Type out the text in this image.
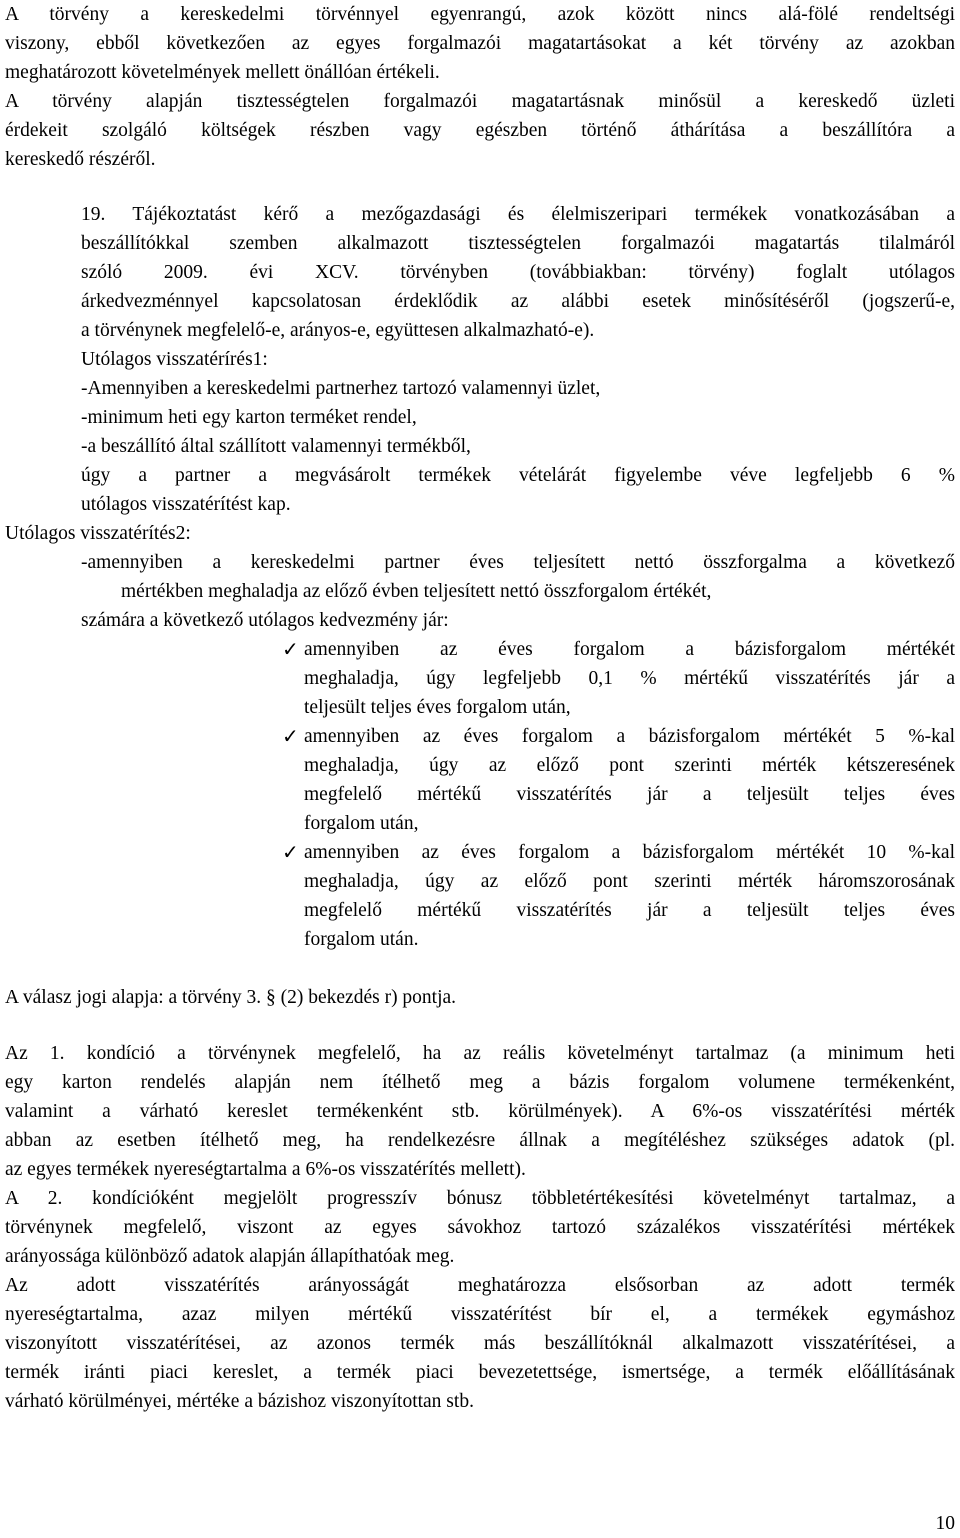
A törvény a kereskedelmi törvénnyel egyenrangú, azok között nincs alá-fölé rendeltségi
viszony, ebből következően az egyes forgalmazói magatartásokat a két törvény az azokban
meghatározott követelmények mellett önállóan értékeli.
A törvény alapján tisztességtelen forgalmazói magatartásnak minősül a kereskedő üzleti
érdekeit szolgáló költségek részben vagy egészben történő áthárítása a beszállítóra a
kereskedő részéről.
19. Tájékoztatást kérő a mezőgazdasági és élelmiszeripari termékek vonatkozásában a
beszállítókkal szemben alkalmazott tisztességtelen forgalmazói magatartás tilalmáról
szóló 2009. évi XCV. törvényben (továbbiakban: törvény) foglalt utólagos
árkedvezménnyel kapcsolatosan érdeklődik az alábbi esetek minősítéséről (jogszerű-e,
a törvénynek megfelelő-e, arányos-e, együttesen alkalmazható-e).
Utólagos visszatérírés1:
-Amennyiben a kereskedelmi partnerhez tartozó valamennyi üzlet,
-minimum heti egy karton terméket rendel,
-a beszállító által szállított valamennyi termékből,
úgy a partner a megvásárolt termékek vételárát figyelembe véve legfeljebb 6 %
utólagos visszatérítést kap.
Utólagos visszatérítés2:
-amennyiben a kereskedelmi partner éves teljesített nettó összforgalma a következő
mértékben meghaladja az előző évben teljesített nettó összforgalom értékét,
számára a következő utólagos kedvezmény jár:
✓ amennyiben az éves forgalom a bázisforgalom mértékét
meghaladja, úgy legfeljebb 0,1 % mértékű visszatérítés jár a
teljesült teljes éves forgalom után,
✓ amennyiben az éves forgalom a bázisforgalom mértékét 5 %-kal
meghaladja, úgy az előző pont szerinti mérték kétszeresének
megfelelő mértékű visszatérítés jár a teljesült teljes éves
forgalom után,
✓ amennyiben az éves forgalom a bázisforgalom mértékét 10 %-kal
meghaladja, úgy az előző pont szerinti mérték háromszorosának
megfelelő mértékű visszatérítés jár a teljesült teljes éves
forgalom után.
A válasz jogi alapja: a törvény 3. § (2) bekezdés r) pontja.
Az 1. kondíció a törvénynek megfelelő, ha az reális követelményt tartalmaz (a minimum heti
egy karton rendelés alapján nem ítélhető meg a bázis forgalom volumene termékenként,
valamint a várható kereslet termékenként stb. körülmények). A 6%-os visszatérítési mérték
abban az esetben ítélhető meg, ha rendelkezésre állnak a megítéléshez szükséges adatok (pl.
az egyes termékek nyereségtartalma a 6%-os visszatérítés mellett).
A 2. kondícióként megjelölt progresszív bónusz többletértékesítési követelményt tartalmaz, a
törvénynek megfelelő, viszont az egyes sávokhoz tartozó százalékos visszatérítési mértékek
arányossága különböző adatok alapján állapíthatóak meg.
Az adott visszatérítés arányosságát meghatározza elsősorban az adott termék
nyereségtartalma, azaz milyen mértékű visszatérítést bír el, a termékek egymáshoz
viszonyított visszatérítései, az azonos termék más beszállítóknál alkalmazott visszatérítései, a
termék iránti piaci kereslet, a termék piaci bevezetettsége, ismertsége, a termék előállításának
várható körülményei, mértéke a bázishoz viszonyítottan stb.
10
